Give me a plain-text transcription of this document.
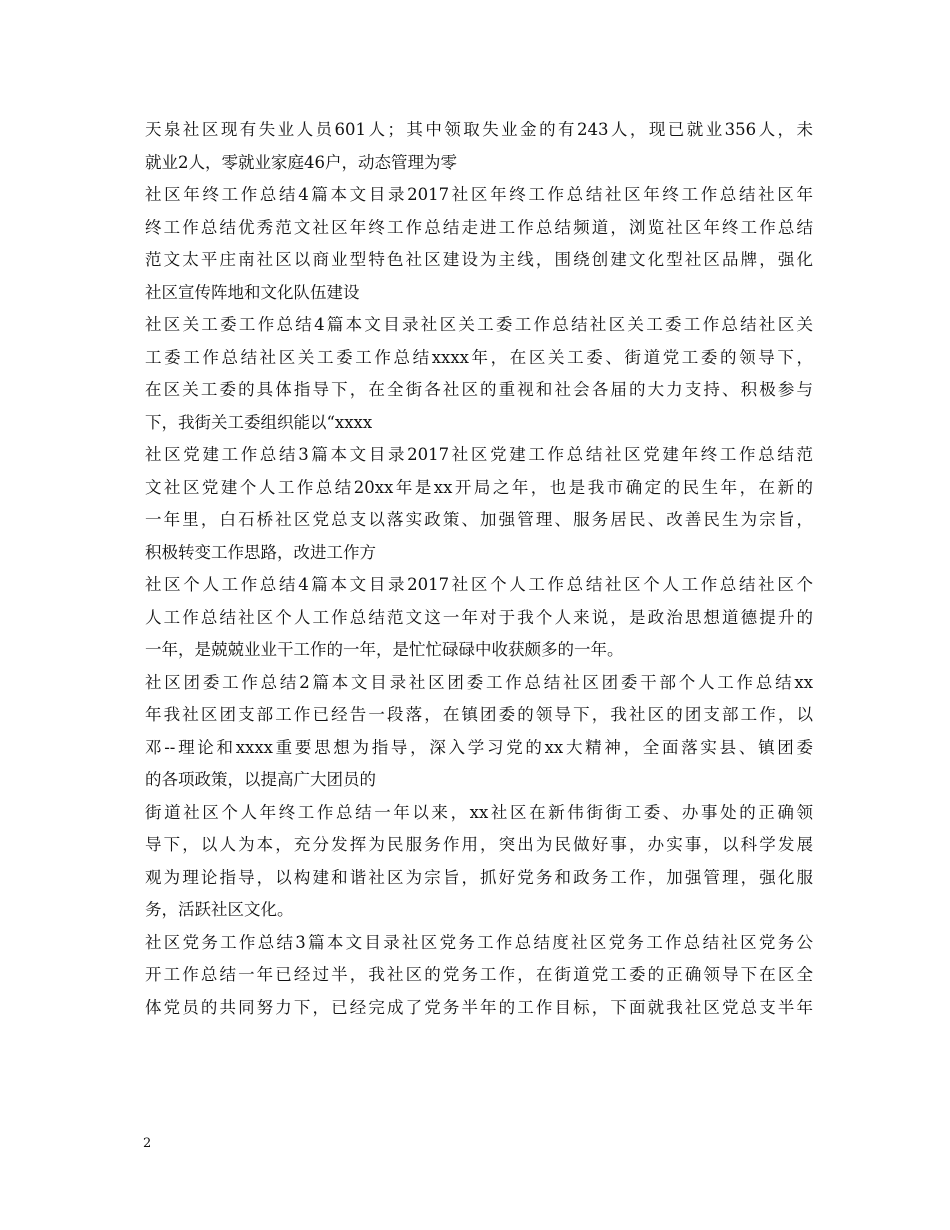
天泉社区现有失业人员601人；其中领取失业金的有243人，现已就业356人，未
就业2人，零就业家庭46户，动态管理为零
社区年终工作总结4篇本文目录2017社区年终工作总结社区年终工作总结社区年
终工作总结优秀范文社区年终工作总结走进工作总结频道，浏览社区年终工作总结
范文太平庄南社区以商业型特色社区建设为主线，围绕创建文化型社区品牌，强化
社区宣传阵地和文化队伍建设
社区关工委工作总结4篇本文目录社区关工委工作总结社区关工委工作总结社区关
工委工作总结社区关工委工作总结xxxx年，在区关工委、街道党工委的领导下，
在区关工委的具体指导下，在全街各社区的重视和社会各届的大力支持、积极参与
下，我街关工委组织能以“xxxx
社区党建工作总结3篇本文目录2017社区党建工作总结社区党建年终工作总结范
文社区党建个人工作总结20xx年是xx开局之年，也是我市确定的民生年，在新的
一年里，白石桥社区党总支以落实政策、加强管理、服务居民、改善民生为宗旨，
积极转变工作思路，改进工作方
社区个人工作总结4篇本文目录2017社区个人工作总结社区个人工作总结社区个
人工作总结社区个人工作总结范文这一年对于我个人来说，是政治思想道德提升的
一年，是兢兢业业干工作的一年，是忙忙碌碌中收获颇多的一年。
社区团委工作总结2篇本文目录社区团委工作总结社区团委干部个人工作总结xx
年我社区团支部工作已经告一段落，在镇团委的领导下，我社区的团支部工作，以
邓--理论和xxxx重要思想为指导，深入学习党的xx大精神，全面落实县、镇团委
的各项政策，以提高广大团员的
街道社区个人年终工作总结一年以来，xx社区在新伟街街工委、办事处的正确领
导下，以人为本，充分发挥为民服务作用，突出为民做好事，办实事，以科学发展
观为理论指导，以构建和谐社区为宗旨，抓好党务和政务工作，加强管理，强化服
务，活跃社区文化。
社区党务工作总结3篇本文目录社区党务工作总结度社区党务工作总结社区党务公
开工作总结一年已经过半，我社区的党务工作，在街道党工委的正确领导下在区全
体党员的共同努力下，已经完成了党务半年的工作目标，下面就我社区党总支半年
2
